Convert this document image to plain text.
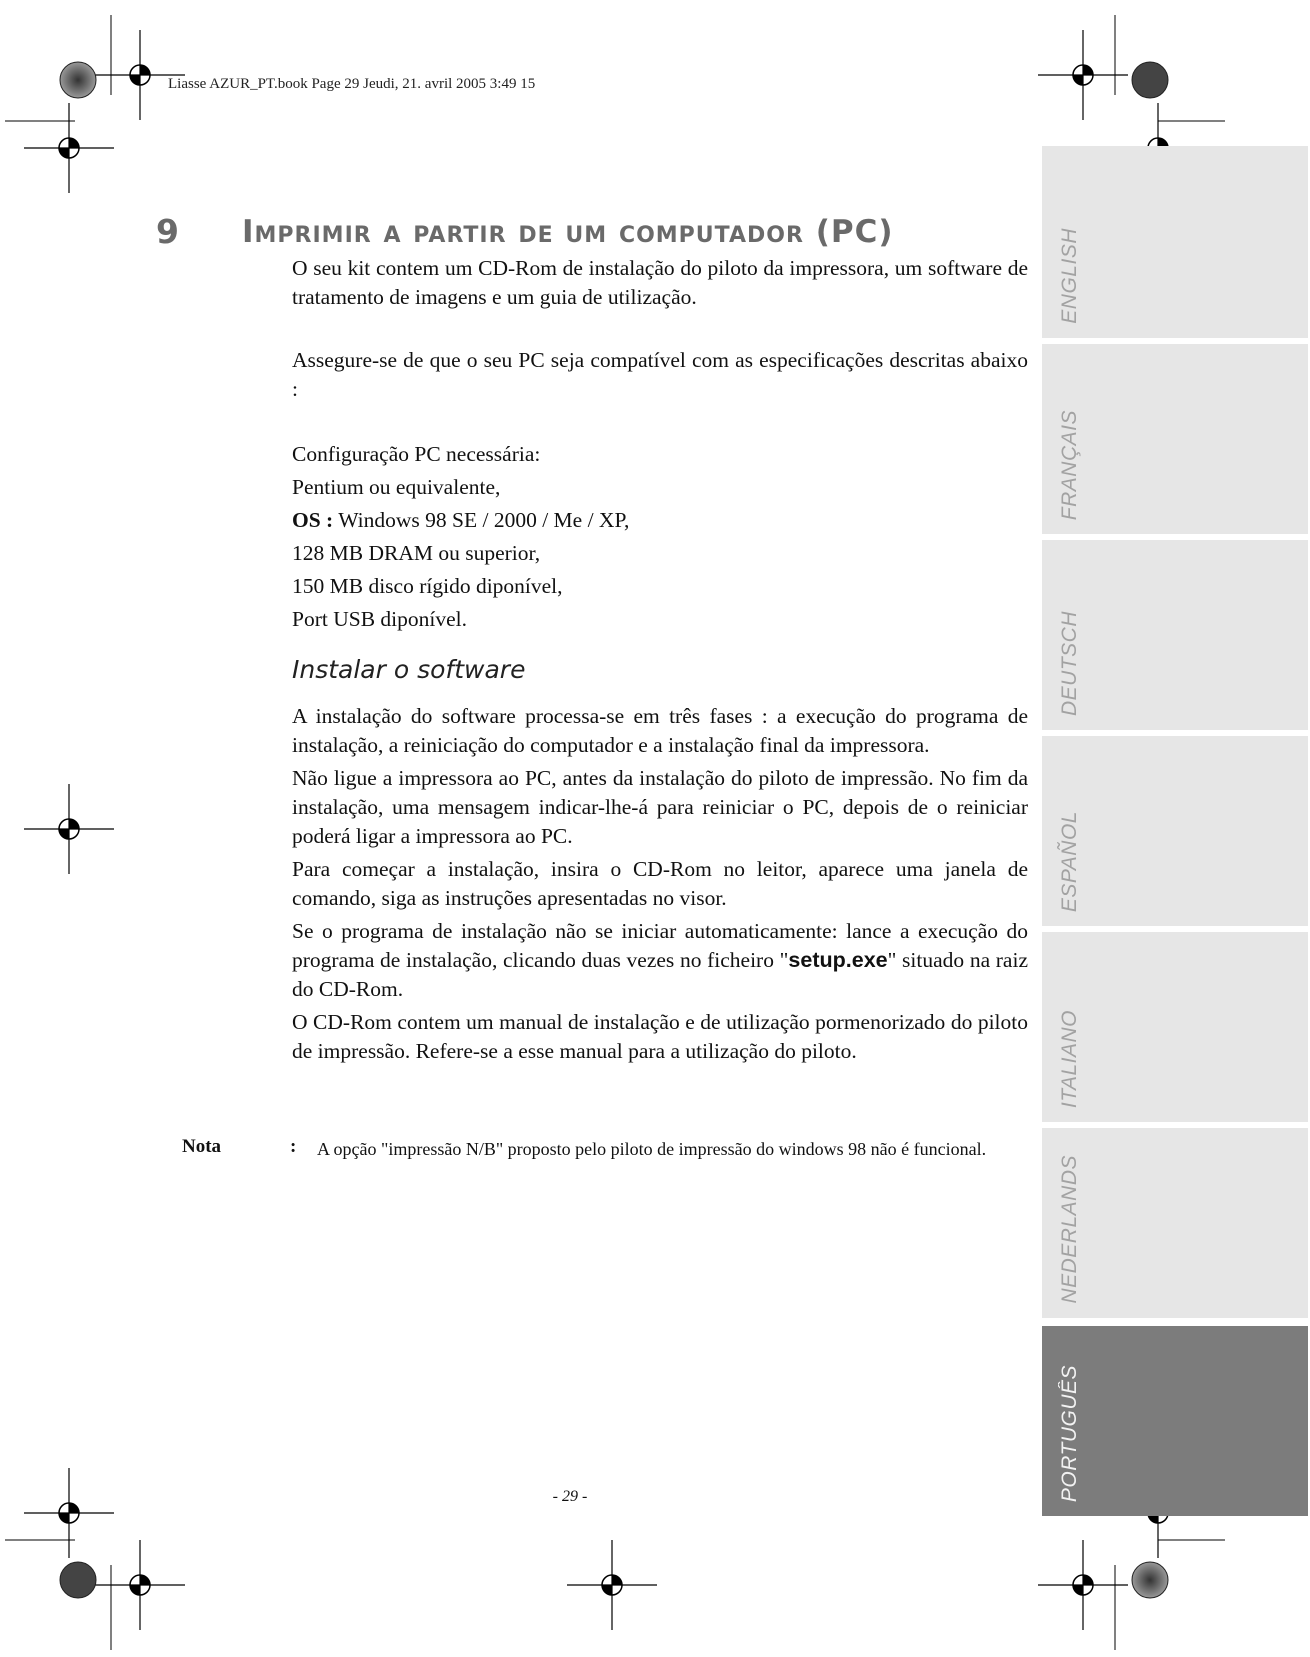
Liasse AZUR_PT.book Page 29 Jeudi, 21. avril 2005 3:49 15
ENGLISH
FRANÇAIS
DEUTSCH
ESPAÑOL
ITALIANO
NEDERLANDS
PORTUGUÊS
9 Imprimir a partir de um computador (PC)

O seu kit contem um CD-Rom de instalação do piloto da impressora, um software de tratamento de imagens e um guia de utilização.

Assegure-se de que o seu PC seja compatível com as especificações descritas abaixo :

Configuração PC necessária:

Pentium ou equivalente,

OS : Windows 98 SE / 2000 / Me / XP,

128 MB DRAM ou superior,

150 MB disco rígido diponível,

Port USB diponível.

Instalar o software

A instalação do software processa-se em três fases : a execução do programa de instalação, a reiniciação do computador e a instalação final da impressora.

Não ligue a impressora ao PC, antes da instalação do piloto de impressão. No fim da instalação, uma mensagem indicar-lhe-á para reiniciar o PC, depois de o reiniciar poderá ligar a impressora ao PC.

Para começar a instalação, insira o CD-Rom no leitor, aparece uma janela de comando, siga as instruções apresentadas no visor.

Se o programa de instalação não se iniciar automaticamente: lance a execução do programa de instalação, clicando duas vezes no ficheiro "setup.exe" situado na raiz do CD-Rom.

O CD-Rom contem um manual de instalação e de utilização pormenorizado do piloto de impressão. Refere-se a esse manual para a utilização do piloto.

Nota	: A opção "impressão N/B" proposto pelo piloto de impressão do windows 98 não é funcional.
- 29 -
